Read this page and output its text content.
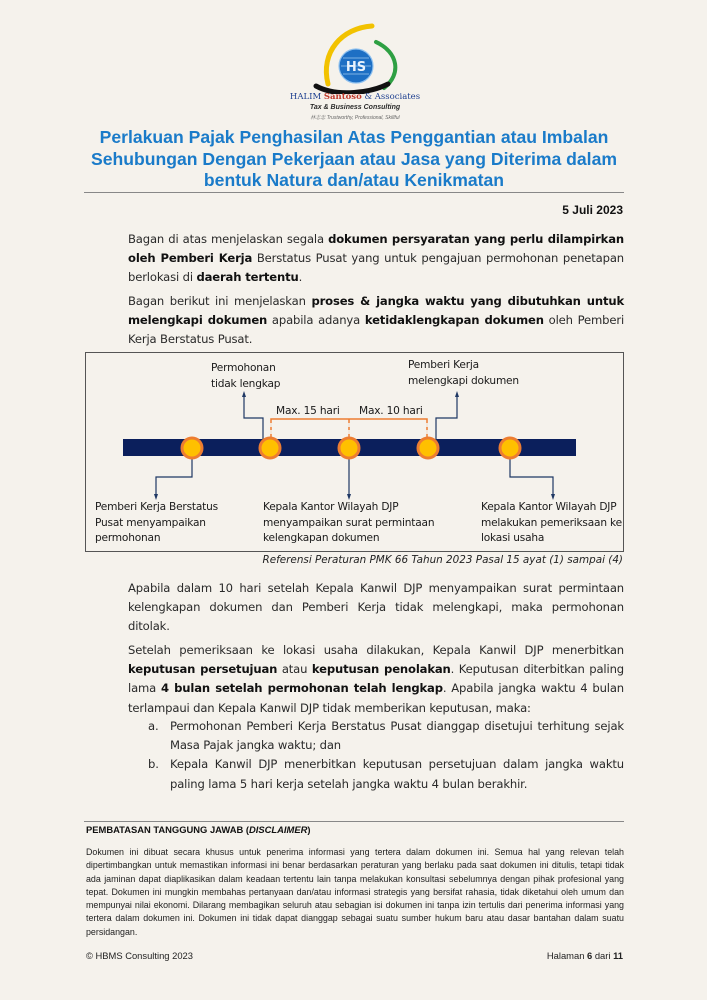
HS
HALIM Santoso & Associates
Tax & Business Consulting
林志忠 Trustworthy, Professional, Skillful
Perlakuan Pajak Penghasilan Atas Penggantian atau Imbalan
Sehubungan Dengan Pekerjaan atau Jasa yang Diterima dalam
bentuk Natura dan/atau Kenikmatan
5 Juli 2023
Bagan di atas menjelaskan segala dokumen persyaratan yang perlu dilampirkan oleh Pemberi Kerja Berstatus Pusat yang untuk pengajuan permohonan penetapan berlokasi di daerah tertentu.
Bagan berikut ini menjelaskan proses & jangka waktu yang dibutuhkan untuk melengkapi dokumen apabila adanya ketidaklengkapan dokumen oleh Pemberi Kerja Berstatus Pusat.
Permohonan
tidak lengkap
Pemberi Kerja
melengkapi dokumen
Max. 15 hari Max. 10 hari
Pemberi Kerja Berstatus
Pusat menyampaikan
permohonan
Kepala Kantor Wilayah DJP
menyampaikan surat permintaan
kelengkapan dokumen
Kepala Kantor Wilayah DJP
melakukan pemeriksaan ke
lokasi usaha
Referensi Peraturan PMK 66 Tahun 2023 Pasal 15 ayat (1) sampai (4)
Apabila dalam 10 hari setelah Kepala Kanwil DJP menyampaikan surat permintaan kelengkapan dokumen dan Pemberi Kerja tidak melengkapi, maka permohonan ditolak.
Setelah pemeriksaan ke lokasi usaha dilakukan, Kepala Kanwil DJP menerbitkan keputusan persetujuan atau keputusan penolakan. Keputusan diterbitkan paling lama 4 bulan setelah permohonan telah lengkap. Apabila jangka waktu 4 bulan terlampaui dan Kepala Kanwil DJP tidak memberikan keputusan, maka:
a. Permohonan Pemberi Kerja Berstatus Pusat dianggap disetujui terhitung sejak Masa Pajak jangka waktu; dan
b. Kepala Kanwil DJP menerbitkan keputusan persetujuan dalam jangka waktu paling lama 5 hari kerja setelah jangka waktu 4 bulan berakhir.
PEMBATASAN TANGGUNG JAWAB (DISCLAIMER)
Dokumen ini dibuat secara khusus untuk penerima informasi yang tertera dalam dokumen ini. Semua hal yang relevan telah dipertimbangkan untuk memastikan informasi ini benar berdasarkan peraturan yang berlaku pada saat dokumen ini ditulis, tetapi tidak ada jaminan dapat diaplikasikan dalam keadaan tertentu lain tanpa melakukan konsultasi sebelumnya dengan pihak profesional yang tepat. Dokumen ini mungkin membahas pertanyaan dan/atau informasi strategis yang bersifat rahasia, tidak diketahui oleh umum dan mempunyai nilai ekonomi. Dilarang membagikan seluruh atau sebagian isi dokumen ini tanpa izin tertulis dari penerima informasi yang tertera dalam dokumen ini. Dokumen ini tidak dapat dianggap sebagai suatu sumber hukum baru atau dasar bantahan dalam suatu persidangan.
© HBMS Consulting 2023	Halaman 6 dari 11
